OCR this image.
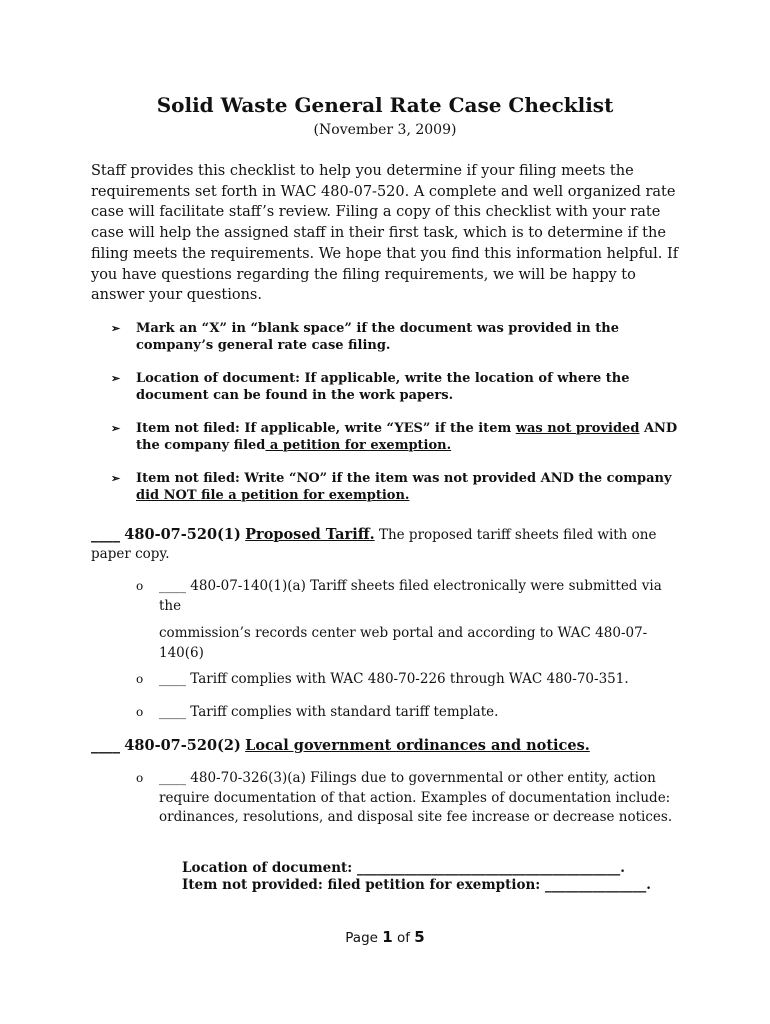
Solid Waste General Rate Case Checklist
(November 3, 2009)
Staff provides this checklist to help you determine if your filing meets the requirements set forth in WAC 480-07-520. A complete and well organized rate case will facilitate staff’s review. Filing a copy of this checklist with your rate case will help the assigned staff in their first task, which is to determine if the filing meets the requirements. We hope that you find this information helpful. If you have questions regarding the filing requirements, we will be happy to answer your questions.
➢ Mark an “X” in “blank space” if the document was provided in the company’s general rate case filing.
➢ Location of document: If applicable, write the location of where the document can be found in the work papers.
➢ Item not filed: If applicable, write “YES” if the item was not provided AND the company filed a petition for exemption.
➢ Item not filed: Write “NO” if the item was not provided AND the company did NOT file a petition for exemption.
____ 480-07-520(1) Proposed Tariff. The proposed tariff sheets filed with one paper copy.
o ____ 480-07-140(1)(a) Tariff sheets filed electronically were submitted via the
commission’s records center web portal and according to WAC 480-07-140(6)
o ____ Tariff complies with WAC 480-70-226 through WAC 480-70-351.
o ____ Tariff complies with standard tariff template.
____ 480-07-520(2) Local government ordinances and notices.
o ____ 480-70-326(3)(a) Filings due to governmental or other entity, action require documentation of that action. Examples of documentation include: ordinances, resolutions, and disposal site fee increase or decrease notices.
Location of document: _______________________________________.
Item not provided: filed petition for exemption: _______________.
Page 1 of 5
